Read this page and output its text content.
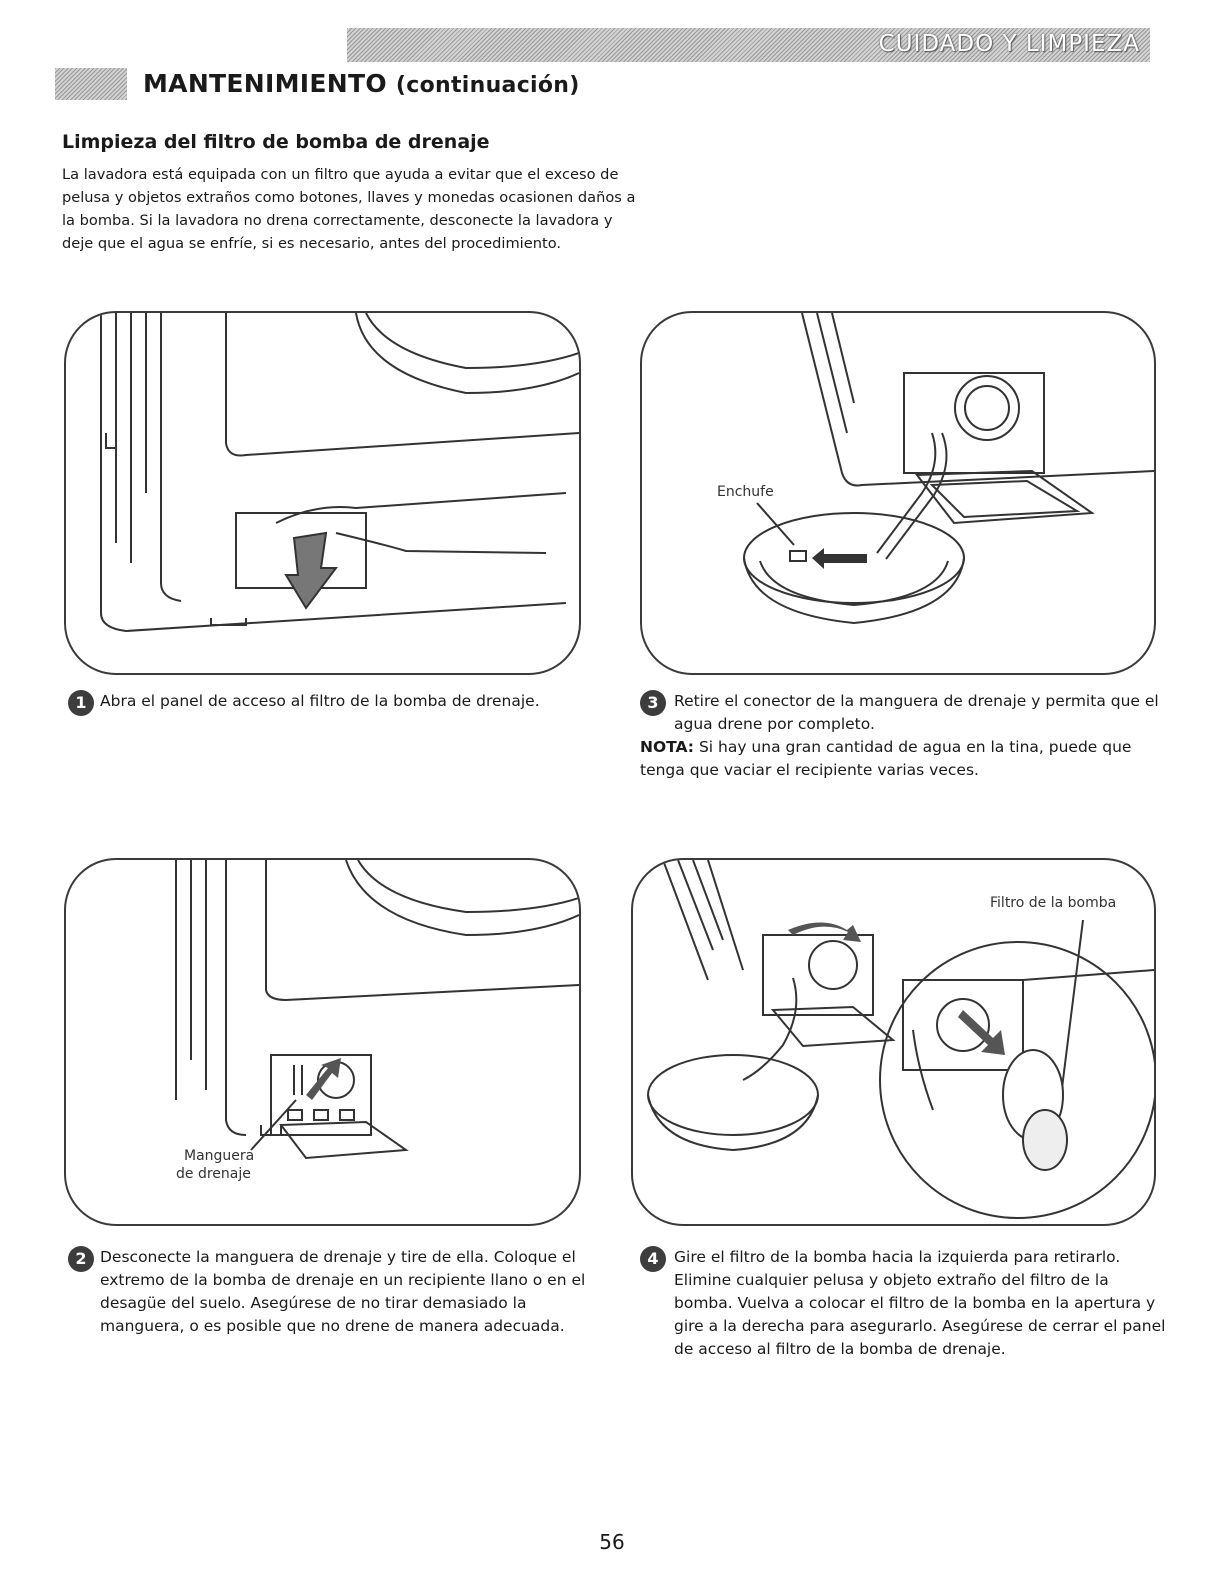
CUIDADO Y LIMPIEZA
MANTENIMIENTO (continuación)
Limpieza del filtro de bomba de drenaje
La lavadora está equipada con un filtro que ayuda a evitar que el exceso de pelusa y objetos extraños como botones, llaves y monedas ocasionen daños a la bomba. Si la lavadora no drena correctamente, desconecte la lavadora y deje que el agua se enfríe, si es necesario, antes del procedimiento.
Enchufe
Manguera
de drenaje
Filtro de la bomba
1 Abra el panel de acceso al filtro de la bomba de drenaje.	3 Retire el conector de la manguera de drenaje y permita que el agua drene por completo.
NOTA: Si hay una gran cantidad de agua en la tina, puede que tenga que vaciar el recipiente varias veces.
2 Desconecte la manguera de drenaje y tire de ella. Coloque el extremo de la bomba de drenaje en un recipiente llano o en el desagüe del suelo. Asegúrese de no tirar demasiado la manguera, o es posible que no drene de manera adecuada.
4 Gire el filtro de la bomba hacia la izquierda para retirarlo. Elimine cualquier pelusa y objeto extraño del filtro de la bomba. Vuelva a colocar el filtro de la bomba en la apertura y gire a la derecha para asegurarlo. Asegúrese de cerrar el panel de acceso al filtro de la bomba de drenaje.
56
